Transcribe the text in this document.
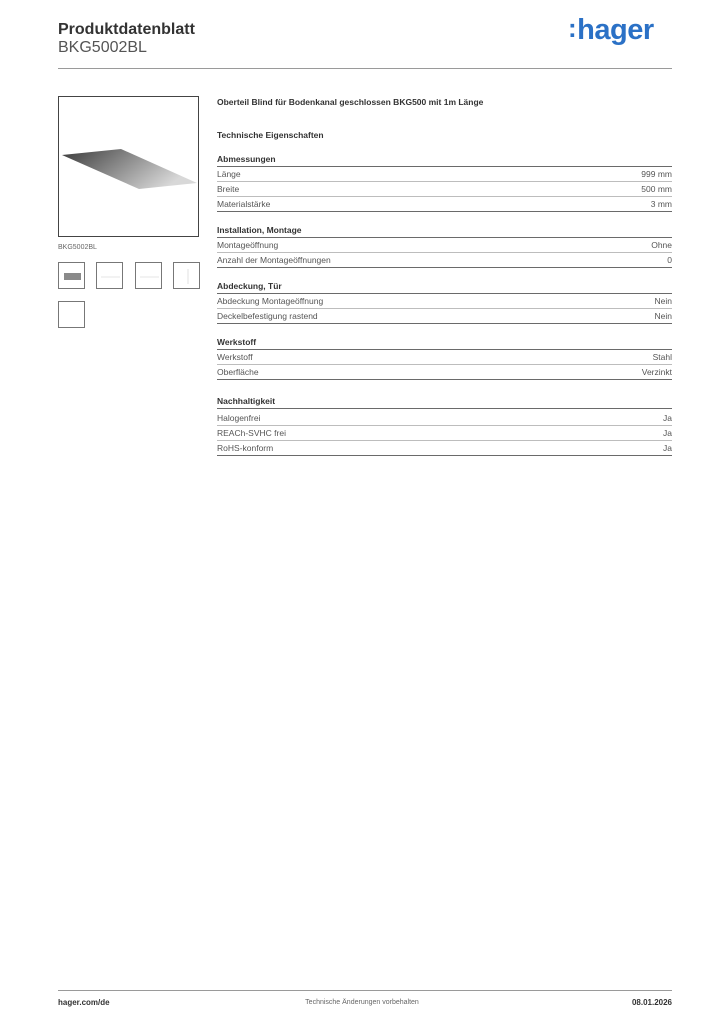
Produktdatenblatt
BKG5002BL
:hager
BKG5002BL
Oberteil Blind für Bodenkanal geschlossen BKG500 mit 1m Länge
Technische Eigenschaften
Abmessungen
Länge	999 mm
Breite	500 mm
Materialstärke	3 mm
Installation, Montage
Montageöffnung	Ohne
Anzahl der Montageöffnungen	0
Abdeckung, Tür
Abdeckung Montageöffnung	Nein
Deckelbefestigung rastend	Nein
Werkstoff
Werkstoff	Stahl
Oberfläche	Verzinkt
Nachhaltigkeit
Halogenfrei	Ja
REACh-SVHC frei	Ja
RoHS-konform	Ja
hager.com/de	Technische Änderungen vorbehalten	08.01.2026
